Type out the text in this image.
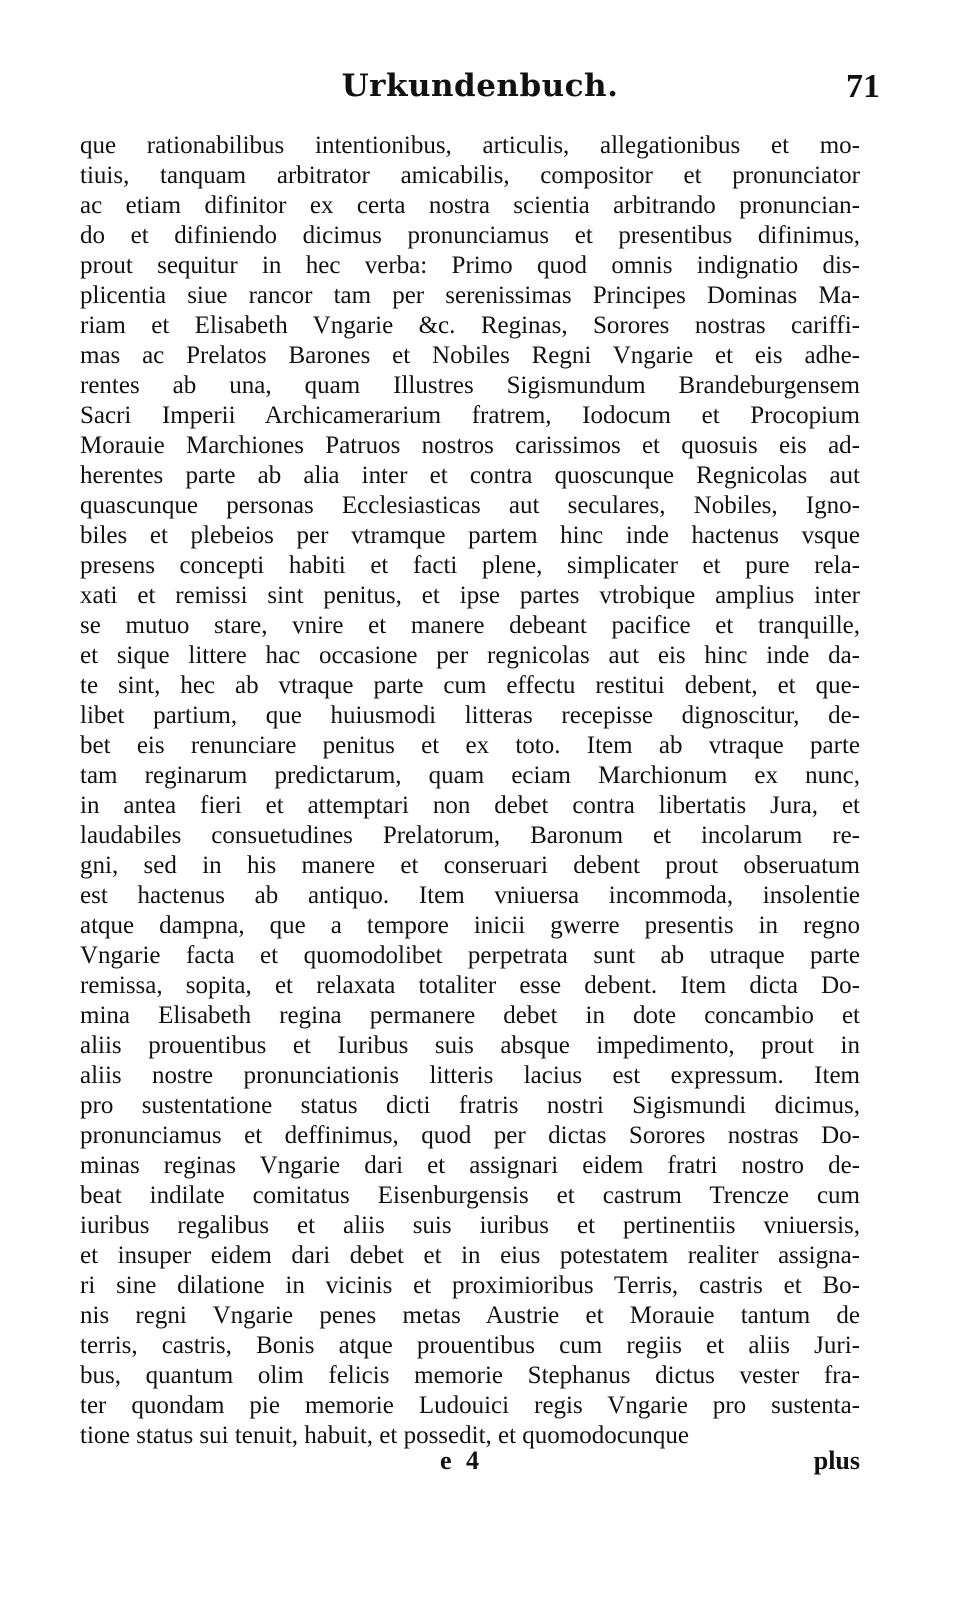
Urkundenbuch.	71
que rationabilibus intentionibus, articulis, allegationibus et mo-
tiuis, tanquam arbitrator amicabilis, compositor et pronunciator
ac etiam difinitor ex certa nostra scientia arbitrando pronuncian-
do et difiniendo dicimus pronunciamus et presentibus difinimus,
prout sequitur in hec verba: Primo quod omnis indignatio dis-
plicentia siue rancor tam per serenissimas Principes Dominas Ma-
riam et Elisabeth Vngarie &c. Reginas, Sorores nostras cariffi-
mas ac Prelatos Barones et Nobiles Regni Vngarie et eis adhe-
rentes ab una, quam Illustres Sigismundum Brandeburgensem
Sacri Imperii Archicamerarium fratrem, Iodocum et Procopium
Morauie Marchiones Patruos nostros carissimos et quosuis eis ad-
herentes parte ab alia inter et contra quoscunque Regnicolas aut
quascunque personas Ecclesiasticas aut seculares, Nobiles, Igno-
biles et plebeios per vtramque partem hinc inde hactenus vsque
presens concepti habiti et facti plene, simplicater et pure rela-
xati et remissi sint penitus, et ipse partes vtrobique amplius inter
se mutuo stare, vnire et manere debeant pacifice et tranquille,
et sique littere hac occasione per regnicolas aut eis hinc inde da-
te sint, hec ab vtraque parte cum effectu restitui debent, et que-
libet partium, que huiusmodi litteras recepisse dignoscitur, de-
bet eis renunciare penitus et ex toto. Item ab vtraque parte
tam reginarum predictarum, quam eciam Marchionum ex nunc,
in antea fieri et attemptari non debet contra libertatis Jura, et
laudabiles consuetudines Prelatorum, Baronum et incolarum re-
gni, sed in his manere et conseruari debent prout obseruatum
est hactenus ab antiquo. Item vniuersa incommoda, insolentie
atque dampna, que a tempore inicii gwerre presentis in regno
Vngarie facta et quomodolibet perpetrata sunt ab utraque parte
remissa, sopita, et relaxata totaliter esse debent. Item dicta Do-
mina Elisabeth regina permanere debet in dote concambio et
aliis prouentibus et Iuribus suis absque impedimento, prout in
aliis nostre pronunciationis litteris lacius est expressum. Item
pro sustentatione status dicti fratris nostri Sigismundi dicimus,
pronunciamus et deffinimus, quod per dictas Sorores nostras Do-
minas reginas Vngarie dari et assignari eidem fratri nostro de-
beat indilate comitatus Eisenburgensis et castrum Trencze cum
iuribus regalibus et aliis suis iuribus et pertinentiis vniuersis,
et insuper eidem dari debet et in eius potestatem realiter assigna-
ri sine dilatione in vicinis et proximioribus Terris, castris et Bo-
nis regni Vngarie penes metas Austrie et Morauie tantum de
terris, castris, Bonis atque prouentibus cum regiis et aliis Juri-
bus, quantum olim felicis memorie Stephanus dictus vester fra-
ter quondam pie memorie Ludouici regis Vngarie pro sustenta-
tione status sui tenuit, habuit, et possedit, et quomodocunque
e 4	plus
